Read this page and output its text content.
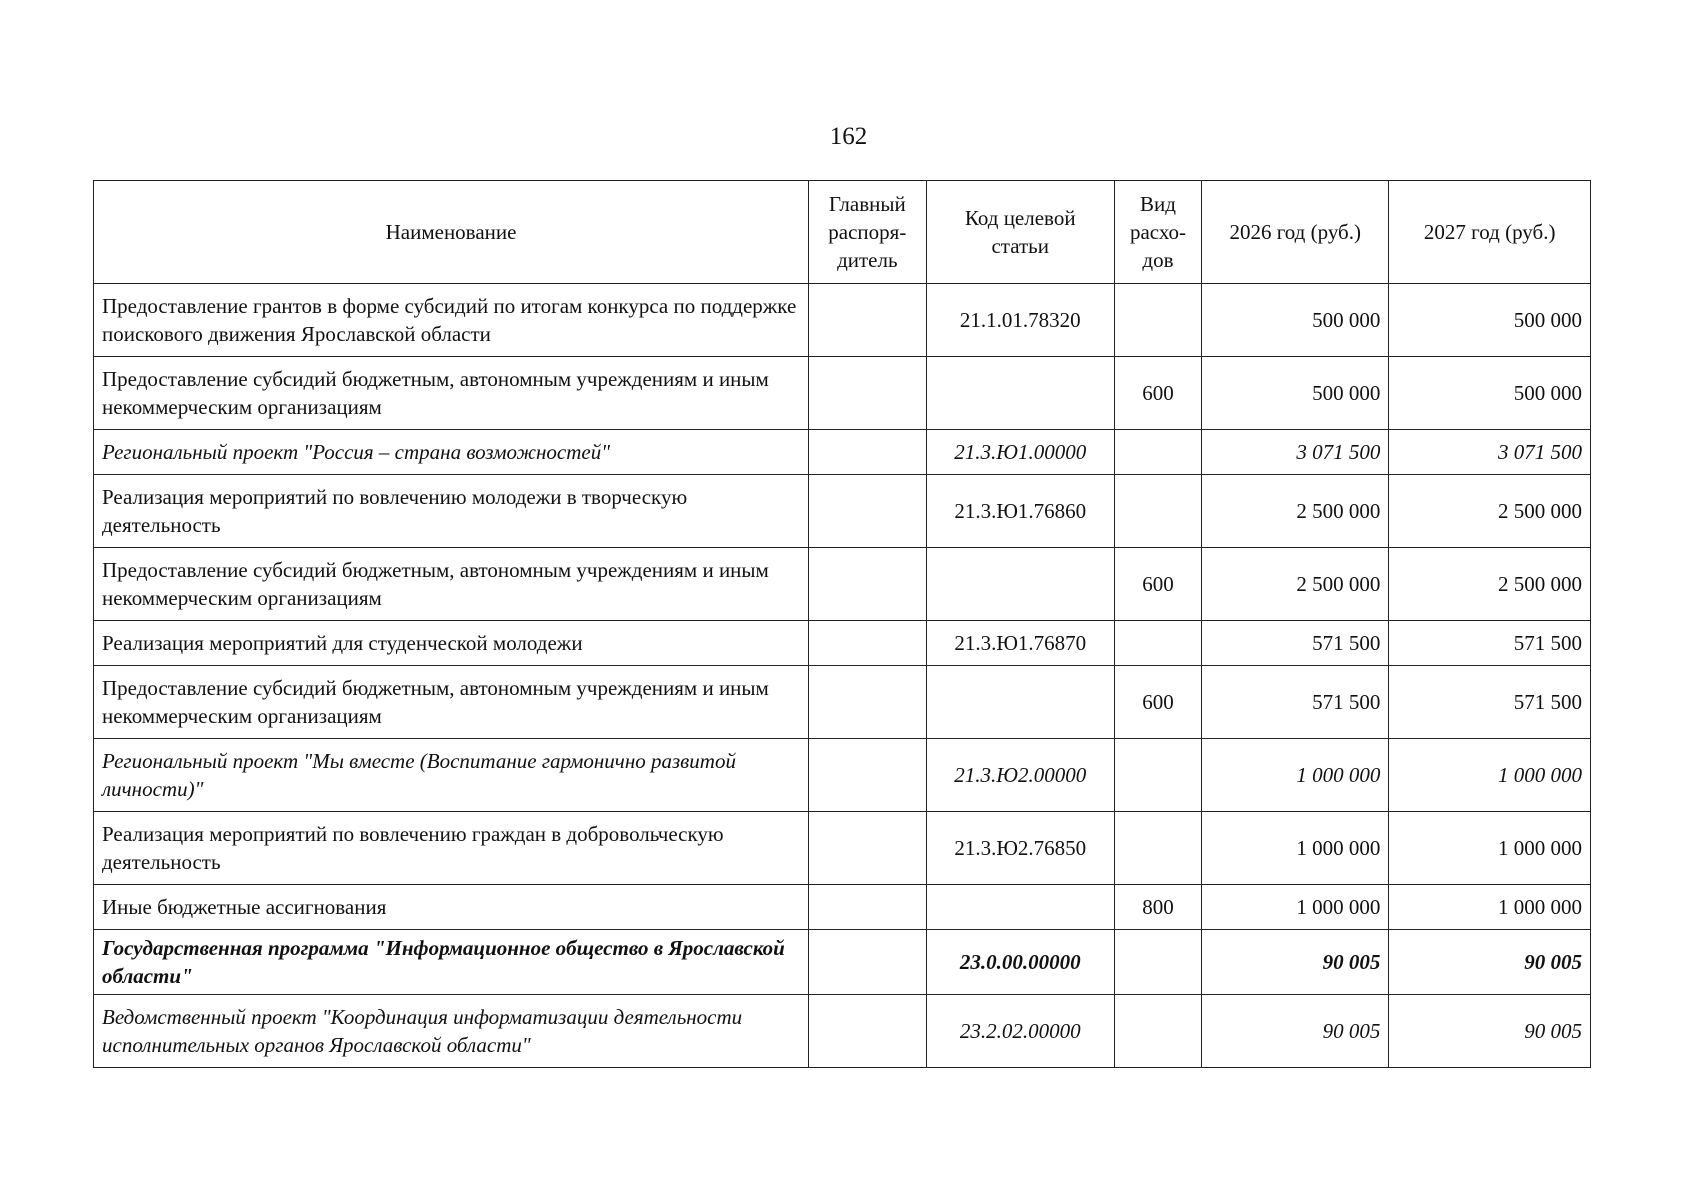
162
Наименование	Главный распоря- дитель	Код целевой статьи	Вид расхо- дов	2026 год (руб.)	2027 год (руб.)
Предоставление грантов в форме субсидий по итогам конкурса по поддержке поискового движения Ярославской области		21.1.01.78320		500 000	500 000
Предоставление субсидий бюджетным, автономным учреждениям и иным некоммерческим организациям			600	500 000	500 000
Региональный проект "Россия – страна возможностей"		21.3.Ю1.00000		3 071 500	3 071 500
Реализация мероприятий по вовлечению молодежи в творческую деятельность		21.3.Ю1.76860		2 500 000	2 500 000
Предоставление субсидий бюджетным, автономным учреждениям и иным некоммерческим организациям			600	2 500 000	2 500 000
Реализация мероприятий для студенческой молодежи		21.3.Ю1.76870		571 500	571 500
Предоставление субсидий бюджетным, автономным учреждениям и иным некоммерческим организациям			600	571 500	571 500
Региональный проект "Мы вместе (Воспитание гармонично развитой личности)"		21.3.Ю2.00000		1 000 000	1 000 000
Реализация мероприятий по вовлечению граждан в добровольческую деятельность		21.3.Ю2.76850		1 000 000	1 000 000
Иные бюджетные ассигнования			800	1 000 000	1 000 000
Государственная программа "Информационное общество в Ярославской области"		23.0.00.00000		90 005	90 005
Ведомственный проект "Координация информатизации деятельности исполнительных органов Ярославской области"		23.2.02.00000		90 005	90 005
